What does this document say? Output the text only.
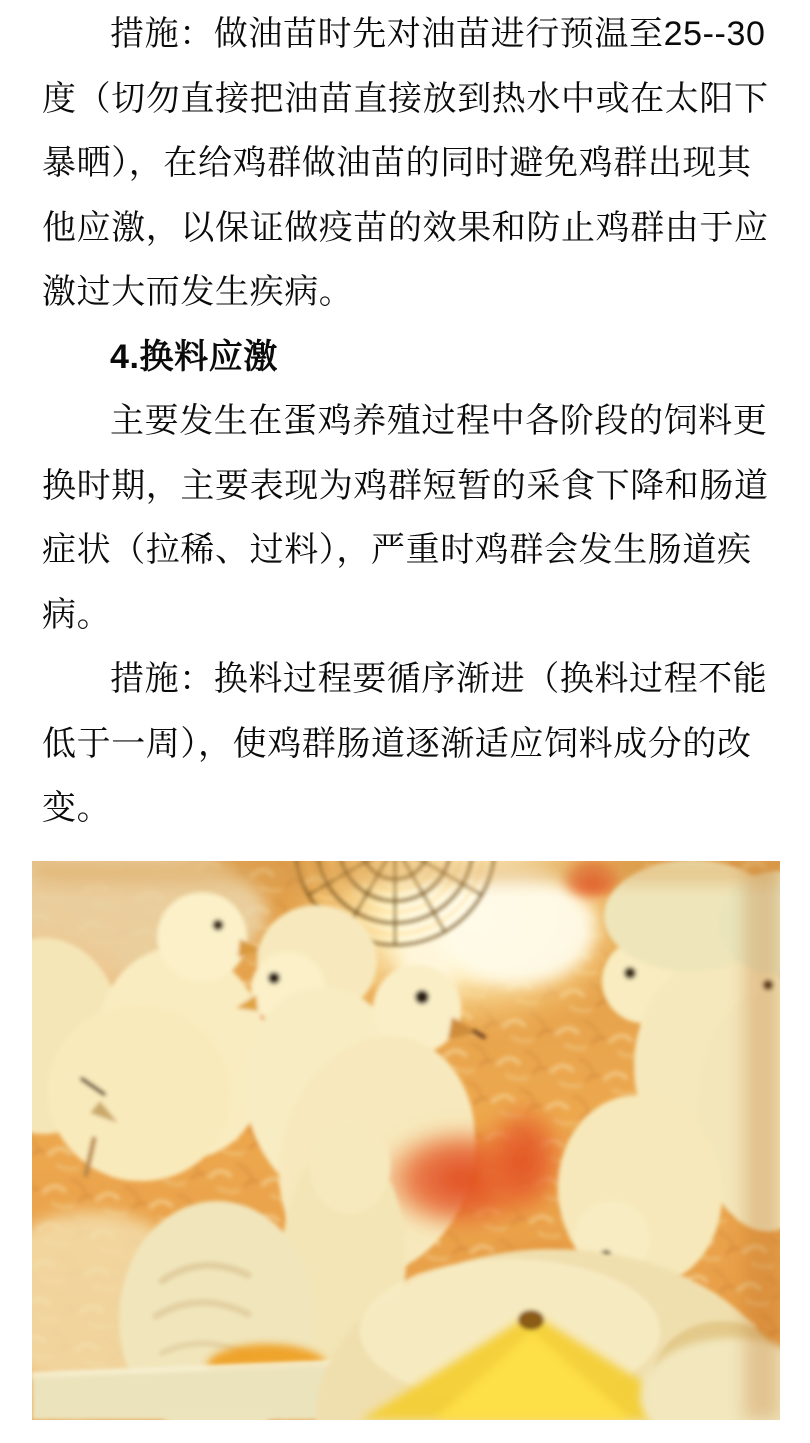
措施：做油苗时先对油苗进行预温至25--30
度（切勿直接把油苗直接放到热水中或在太阳下
暴晒），在给鸡群做油苗的同时避免鸡群出现其
他应激，以保证做疫苗的效果和防止鸡群由于应
激过大而发生疾病。
4.换料应激
主要发生在蛋鸡养殖过程中各阶段的饲料更
换时期，主要表现为鸡群短暂的采食下降和肠道
症状（拉稀、过料），严重时鸡群会发生肠道疾
病。
措施：换料过程要循序渐进（换料过程不能
低于一周），使鸡群肠道逐渐适应饲料成分的改
变。
